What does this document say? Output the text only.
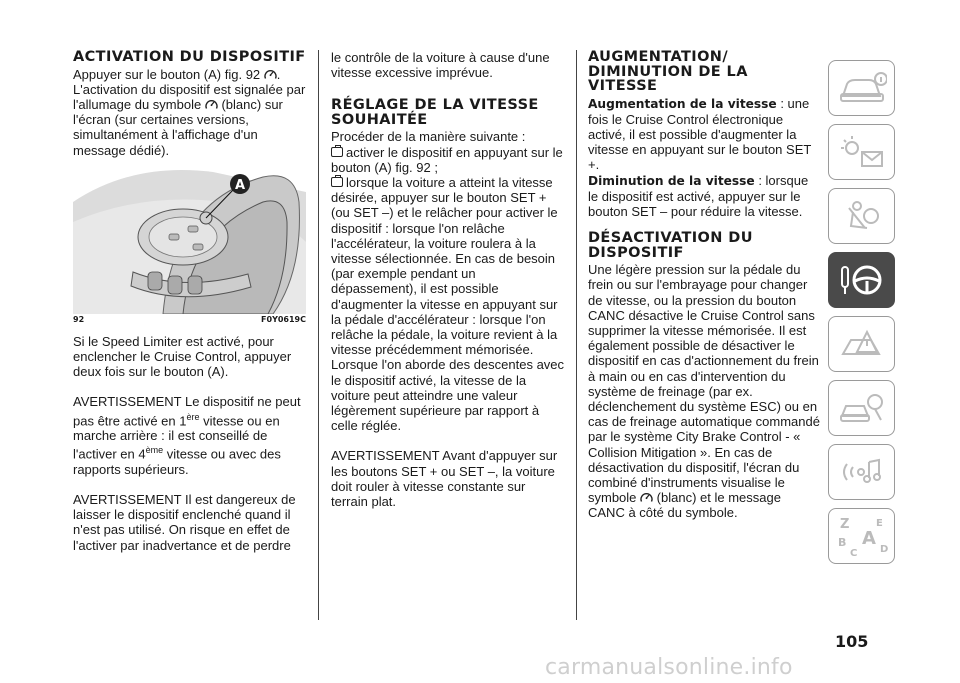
ACTIVATION DU DISPOSITIF

Appuyer sur le bouton (A) fig. 92 . L'activation du dispositif est signalée par l'allumage du symbole (blanc) sur l'écran (sur certaines versions, simultanément à l'affichage d'un message dédié).

A
92	F0Y0619C

Si le Speed Limiter est activé, pour enclencher le Cruise Control, appuyer deux fois sur le bouton (A).

AVERTISSEMENT Le dispositif ne peut pas être activé en 1ère vitesse ou en marche arrière : il est conseillé de l'activer en 4ème vitesse ou avec des rapports supérieurs.

AVERTISSEMENT Il est dangereux de laisser le dispositif enclenché quand il n'est pas utilisé. On risque en effet de l'activer par inadvertance et de perdre

le contrôle de la voiture à cause d'une vitesse excessive imprévue.

RÉGLAGE DE LA VITESSE SOUHAITÉE

Procéder de la manière suivante :

activer le dispositif en appuyant sur le bouton (A) fig. 92 ;

lorsque la voiture a atteint la vitesse désirée, appuyer sur le bouton SET + (ou SET –) et le relâcher pour activer le dispositif : lorsque l'on relâche l'accélérateur, la voiture roulera à la vitesse sélectionnée. En cas de besoin (par exemple pendant un dépassement), il est possible d'augmenter la vitesse en appuyant sur la pédale d'accélérateur : lorsque l'on relâche la pédale, la voiture revient à la vitesse précédemment mémorisée. Lorsque l'on aborde des descentes avec le dispositif activé, la vitesse de la voiture peut atteindre une valeur légèrement supérieure par rapport à celle réglée.

AVERTISSEMENT Avant d'appuyer sur les boutons SET + ou SET –, la voiture doit rouler à vitesse constante sur terrain plat.

AUGMENTATION/ DIMINUTION DE LA VITESSE

Augmentation de la vitesse : une fois le Cruise Control électronique activé, il est possible d'augmenter la vitesse en appuyant sur le bouton SET +.

Diminution de la vitesse : lorsque le dispositif est activé, appuyer sur le bouton SET – pour réduire la vitesse.

DÉSACTIVATION DU DISPOSITIF

Une légère pression sur la pédale du frein ou sur l'embrayage pour changer de vitesse, ou la pression du bouton CANC désactive le Cruise Control sans supprimer la vitesse mémorisée. Il est également possible de désactiver le dispositif en cas d'actionnement du frein à main ou en cas d'intervention du système de freinage (par ex. déclenchement du système ESC) ou en cas de freinage automatique commandé par le système City Brake Control - « Collision Mitigation ». En cas de désactivation du dispositif, l'écran du combiné d'instruments visualise le symbole (blanc) et le message CANC à côté du symbole.

Z	E
A
B
C D
105
carmanualsonline.info
